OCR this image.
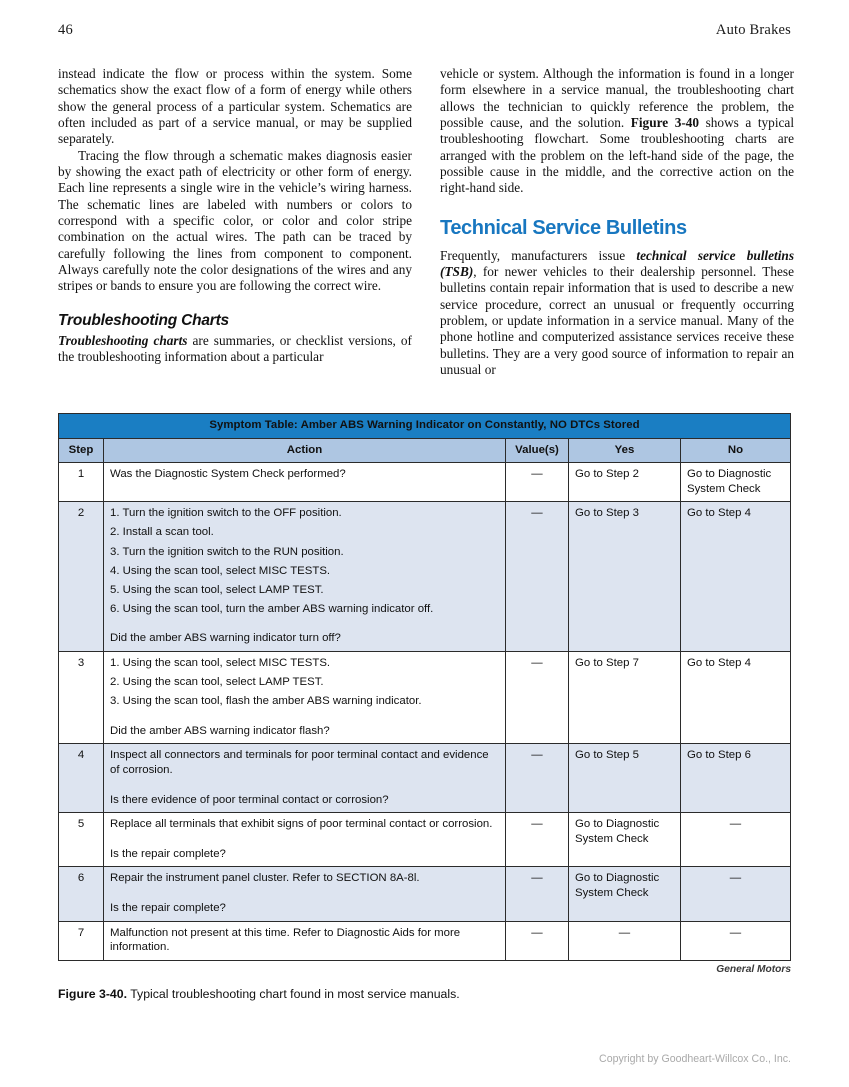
46	Auto Brakes

instead indicate the flow or process within the system. Some schematics show the exact flow of a form of energy while others show the general process of a particular system. Schematics are often included as part of a service manual, or may be supplied separately.

Tracing the flow through a schematic makes diagnosis easier by showing the exact path of electricity or other form of energy. Each line represents a single wire in the vehicle’s wiring harness. The schematic lines are labeled with numbers or colors to correspond with a specific color, or color and color stripe combination on the actual wires. The path can be traced by carefully following the lines from component to component. Always carefully note the color designations of the wires and any stripes or bands to ensure you are following the correct wire.

Troubleshooting Charts

Troubleshooting charts are summaries, or checklist versions, of the troubleshooting information about a particular

vehicle or system. Although the information is found in a longer form elsewhere in a service manual, the troubleshooting chart allows the technician to quickly reference the problem, the possible cause, and the solution. Figure 3-40 shows a typical troubleshooting flowchart. Some troubleshooting charts are arranged with the problem on the left-hand side of the page, the possible cause in the middle, and the corrective action on the right-hand side.

Technical Service Bulletins

Frequently, manufacturers issue technical service bulletins (TSB), for newer vehicles to their dealership personnel. These bulletins contain repair information that is used to describe a new service procedure, correct an unusual or frequently occurring problem, or update information in a service manual. Many of the phone hotline and computerized assistance services receive these bulletins. They are a very good source of information to repair an unusual or

Symptom Table: Amber ABS Warning Indicator on Constantly, NO DTCs Stored				
Step	Action	Value(s)	Yes	No
1	Was the Diagnostic System Check performed?	—	Go to Step 2	Go to Diagnostic System Check
2	1. Turn the ignition switch to the OFF position.
2. Install a scan tool.
3. Turn the ignition switch to the RUN position.
4. Using the scan tool, select MISC TESTS.
5. Using the scan tool, select LAMP TEST.
6. Using the scan tool, turn the amber ABS warning indicator off.
Did the amber ABS warning indicator turn off?
	—	Go to Step 3	Go to Step 4
3	1. Using the scan tool, select MISC TESTS.
2. Using the scan tool, select LAMP TEST.
3. Using the scan tool, flash the amber ABS warning indicator.
Did the amber ABS warning indicator flash?
	—	Go to Step 7	Go to Step 4
4	Inspect all connectors and terminals for poor terminal contact and evidence of corrosion.
Is there evidence of poor terminal contact or corrosion?	—	Go to Step 5	Go to Step 6
5	Replace all terminals that exhibit signs of poor terminal contact or corrosion.
Is the repair complete?	—	Go to Diagnostic System Check	—
6	Repair the instrument panel cluster. Refer to SECTION 8A-8l.
Is the repair complete?	—	Go to Diagnostic System Check	—
7	Malfunction not present at this time. Refer to Diagnostic Aids for more information.	—	—	—
General Motors
Figure 3-40. Typical troubleshooting chart found in most service manuals.
Copyright by Goodheart-Willcox Co., Inc.
